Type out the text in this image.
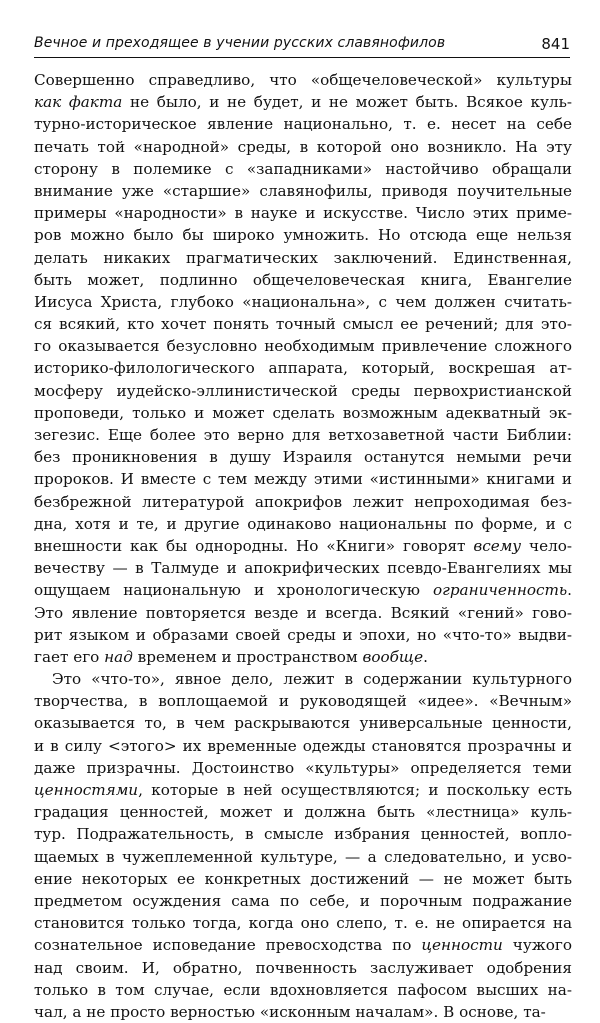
Вечное и преходящее в учении русских славянофилов	841
Совершенно справедливо, что «общечеловеческой» культуры
как факта не было, и не будет, и не может быть. Всякое куль-
турно-историческое явление национально, т. е. несет на себе
печать той «народной» среды, в которой оно возникло. На эту
сторону в полемике с «западниками» настойчиво обращали
внимание уже «старшие» славянофилы, приводя поучительные
примеры «народности» в науке и искусстве. Число этих приме-
ров можно было бы широко умножить. Но отсюда еще нельзя
делать никаких прагматических заключений. Единственная,
быть может, подлинно общечеловеческая книга, Евангелие
Иисуса Христа, глубоко «национальна», с чем должен считать-
ся всякий, кто хочет понять точный смысл ее речений; для это-
го оказывается безусловно необходимым привлечение сложного
историко-филологического аппарата, который, воскрешая ат-
мосферу иудейско-эллинистической среды первохристианской
проповеди, только и может сделать возможным адекватный эк-
зегезис. Еще более это верно для ветхозаветной части Библии:
без проникновения в душу Израиля останутся немыми речи
пророков. И вместе с тем между этими «истинными» книгами и
безбрежной литературой апокрифов лежит непроходимая без-
дна, хотя и те, и другие одинаково национальны по форме, и с
внешности как бы однородны. Но «Книги» говорят всему чело-
вечеству — в Талмуде и апокрифических псевдо-Евангелиях мы
ощущаем национальную и хронологическую ограниченность.
Это явление повторяется везде и всегда. Всякий «гений» гово-
рит языком и образами своей среды и эпохи, но «что-то» выдви-
гает его над временем и пространством вообще.
Это «что-то», явное дело, лежит в содержании культурного
творчества, в воплощаемой и руководящей «идее». «Вечным»
оказывается то, в чем раскрываются универсальные ценности,
и в силу <этого> их временные одежды становятся прозрачны и
даже призрачны. Достоинство «культуры» определяется теми
ценностями, которые в ней осуществляются; и поскольку есть
градация ценностей, может и должна быть «лестница» куль-
тур. Подражательность, в смысле избрания ценностей, вопло-
щаемых в чужеплеменной культуре, — а следовательно, и усво-
ение некоторых ее конкретных достижений — не может быть
предметом осуждения сама по себе, и порочным подражание
становится только тогда, когда оно слепо, т. е. не опирается на
сознательное исповедание превосходства по ценности чужого
над своим. И, обратно, почвенность заслуживает одобрения
только в том случае, если вдохновляется пафосом высших на-
чал, а не просто верностью «исконным началам». В основе, та-
